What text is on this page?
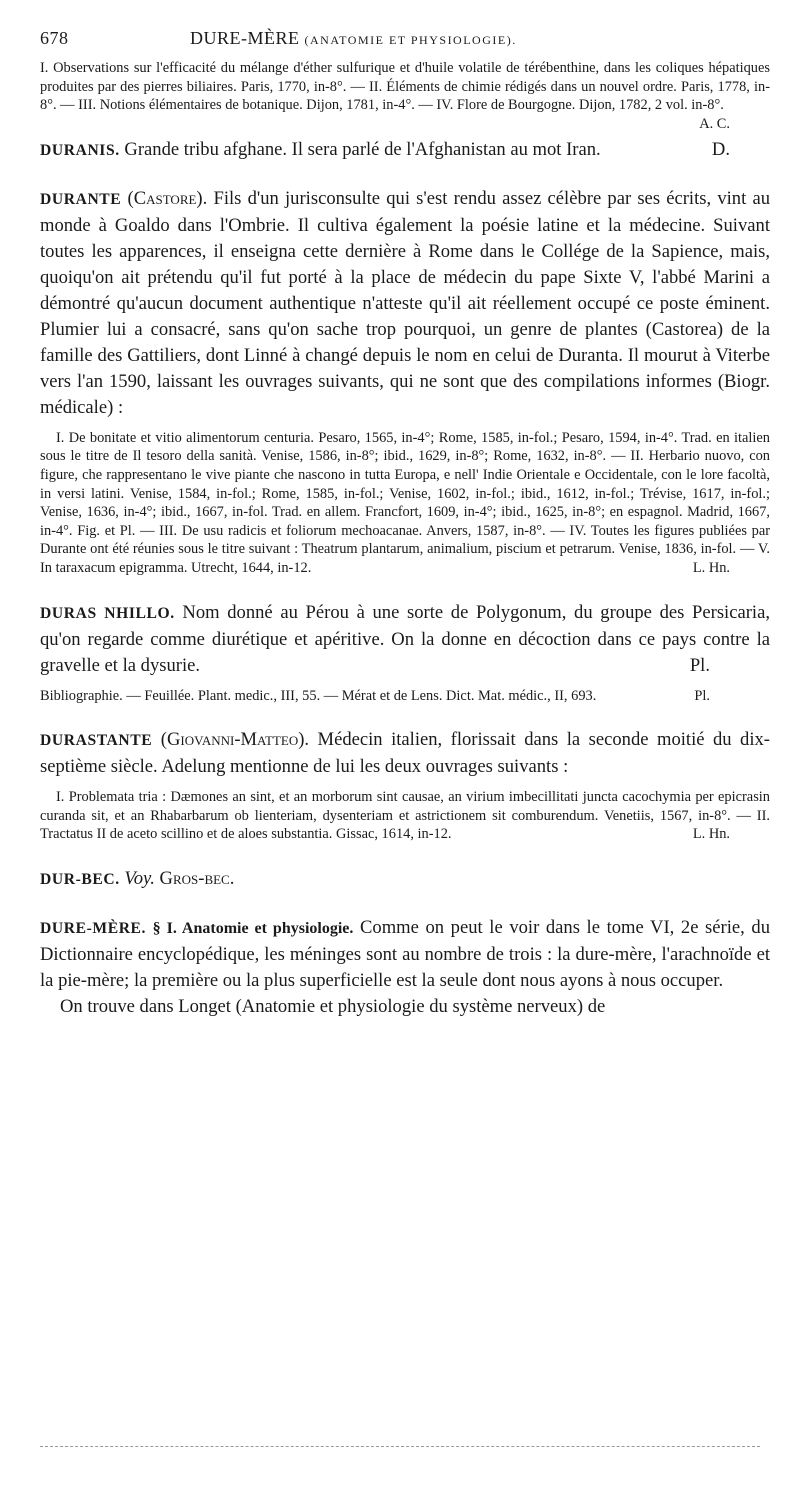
678	DURE-MÈRE (ANATOMIE ET PHYSIOLOGIE).

I. Observations sur l'efficacité du mélange d'éther sulfurique et d'huile volatile de térébenthine, dans les coliques hépatiques produites par des pierres biliaires. Paris, 1770, in-8°. — II. Éléments de chimie rédigés dans un nouvel ordre. Paris, 1778, in-8°. — III. Notions élémentaires de botanique. Dijon, 1781, in-4°. — IV. Flore de Bourgogne. Dijon, 1782, 2 vol. in-8°.
A. C.

DURANIS. Grande tribu afghane. Il sera parlé de l'Afghanistan au mot Iran.	D.

DURANTE (Castore). Fils d'un jurisconsulte qui s'est rendu assez célèbre par ses écrits, vint au monde à Goaldo dans l'Ombrie. Il cultiva également la poésie latine et la médecine. Suivant toutes les apparences, il enseigna cette dernière à Rome dans le Collége de la Sapience, mais, quoiqu'on ait prétendu qu'il fut porté à la place de médecin du pape Sixte V, l'abbé Marini a démontré qu'aucun document authentique n'atteste qu'il ait réellement occupé ce poste éminent. Plumier lui a consacré, sans qu'on sache trop pourquoi, un genre de plantes (Castorea) de la famille des Gattiliers, dont Linné à changé depuis le nom en celui de Duranta. Il mourut à Viterbe vers l'an 1590, laissant les ouvrages suivants, qui ne sont que des compilations informes (Biogr. médicale) :

I. De bonitate et vitio alimentorum centuria. Pesaro, 1565, in-4°; Rome, 1585, in-fol.; Pesaro, 1594, in-4°. Trad. en italien sous le titre de Il tesoro della sanità. Venise, 1586, in-8°; ibid., 1629, in-8°; Rome, 1632, in-8°. — II. Herbario nuovo, con figure, che rappresentano le vive piante che nascono in tutta Europa, e nell' Indie Orientale e Occidentale, con le lore facoltà, in versi latini. Venise, 1584, in-fol.; Rome, 1585, in-fol.; Venise, 1602, in-fol.; ibid., 1612, in-fol.; Trévise, 1617, in-fol.; Venise, 1636, in-4°; ibid., 1667, in-fol. Trad. en allem. Francfort, 1609, in-4°; ibid., 1625, in-8°; en espagnol. Madrid, 1667, in-4°. Fig. et Pl. — III. De usu radicis et foliorum mechoacanae. Anvers, 1587, in-8°. — IV. Toutes les figures publiées par Durante ont été réunies sous le titre suivant : Theatrum plantarum, animalium, piscium et petrarum. Venise, 1836, in-fol. — V. In taraxacum epigramma. Utrecht, 1644, in-12.	L. Hn.

DURAS NHILLO. Nom donné au Pérou à une sorte de Polygonum, du groupe des Persicaria, qu'on regarde comme diurétique et apéritive. On la donne en décoction dans ce pays contre la gravelle et la dysurie.	Pl.

Bibliographie. — Feuillée. Plant. medic., III, 55. — Mérat et de Lens. Dict. Mat. médic., II, 693.	Pl.

DURASTANTE (Giovanni-Matteo). Médecin italien, florissait dans la seconde moitié du dix-septième siècle. Adelung mentionne de lui les deux ouvrages suivants :

I. Problemata tria : Dæmones an sint, et an morborum sint causae, an virium imbecillitati juncta cacochymia per epicrasin curanda sit, et an Rhabarbarum ob lienteriam, dysenteriam et astrictionem sit comburendum. Venetiis, 1567, in-8°. — II. Tractatus II de aceto scillino et de aloes substantia. Gissac, 1614, in-12.	L. Hn.

DUR-BEC. Voy. Gros-bec.

DURE-MÈRE. § I. Anatomie et physiologie. Comme on peut le voir dans le tome VI, 2e série, du Dictionnaire encyclopédique, les méninges sont au nombre de trois : la dure-mère, l'arachnoïde et la pie-mère; la première ou la plus superficielle est la seule dont nous ayons à nous occuper.

On trouve dans Longet (Anatomie et physiologie du système nerveux) de
